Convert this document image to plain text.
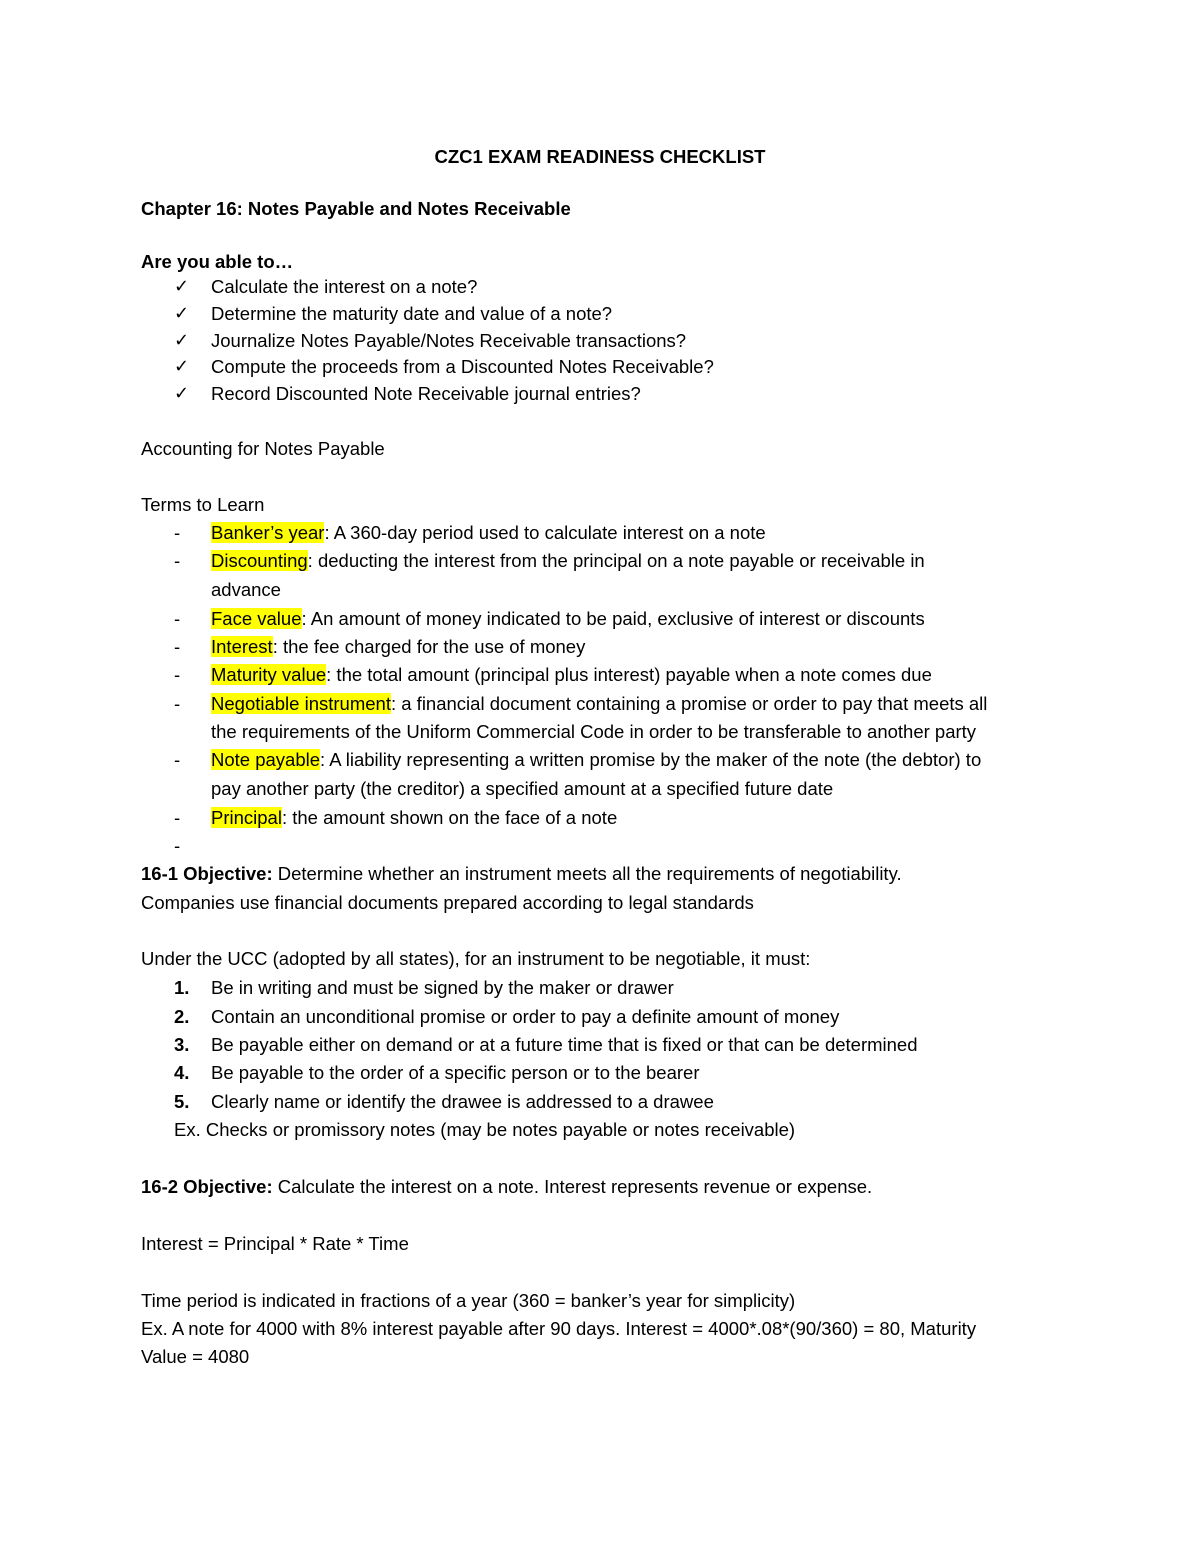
CZC1 EXAM READINESS CHECKLIST
Chapter 16: Notes Payable and Notes Receivable
Are you able to…
✓ Calculate the interest on a note?
✓ Determine the maturity date and value of a note?
✓ Journalize Notes Payable/Notes Receivable transactions?
✓ Compute the proceeds from a Discounted Notes Receivable?
✓ Record Discounted Note Receivable journal entries?
Accounting for Notes Payable
Terms to Learn
- Banker’s year: A 360-day period used to calculate interest on a note
- Discounting: deducting the interest from the principal on a note payable or receivable in
advance
- Face value: An amount of money indicated to be paid, exclusive of interest or discounts
- Interest: the fee charged for the use of money
- Maturity value: the total amount (principal plus interest) payable when a note comes due
- Negotiable instrument: a financial document containing a promise or order to pay that meets all
the requirements of the Uniform Commercial Code in order to be transferable to another party
- Note payable: A liability representing a written promise by the maker of the note (the debtor) to
pay another party (the creditor) a specified amount at a specified future date
- Principal: the amount shown on the face of a note
-
16-1 Objective: Determine whether an instrument meets all the requirements of negotiability.
Companies use financial documents prepared according to legal standards
Under the UCC (adopted by all states), for an instrument to be negotiable, it must:
1. Be in writing and must be signed by the maker or drawer
2. Contain an unconditional promise or order to pay a definite amount of money
3. Be payable either on demand or at a future time that is fixed or that can be determined
4. Be payable to the order of a specific person or to the bearer
5. Clearly name or identify the drawee is addressed to a drawee
Ex. Checks or promissory notes (may be notes payable or notes receivable)
16-2 Objective: Calculate the interest on a note. Interest represents revenue or expense.
Interest = Principal * Rate * Time
Time period is indicated in fractions of a year (360 = banker’s year for simplicity)
Ex. A note for 4000 with 8% interest payable after 90 days. Interest = 4000*.08*(90/360) = 80, Maturity
Value = 4080
